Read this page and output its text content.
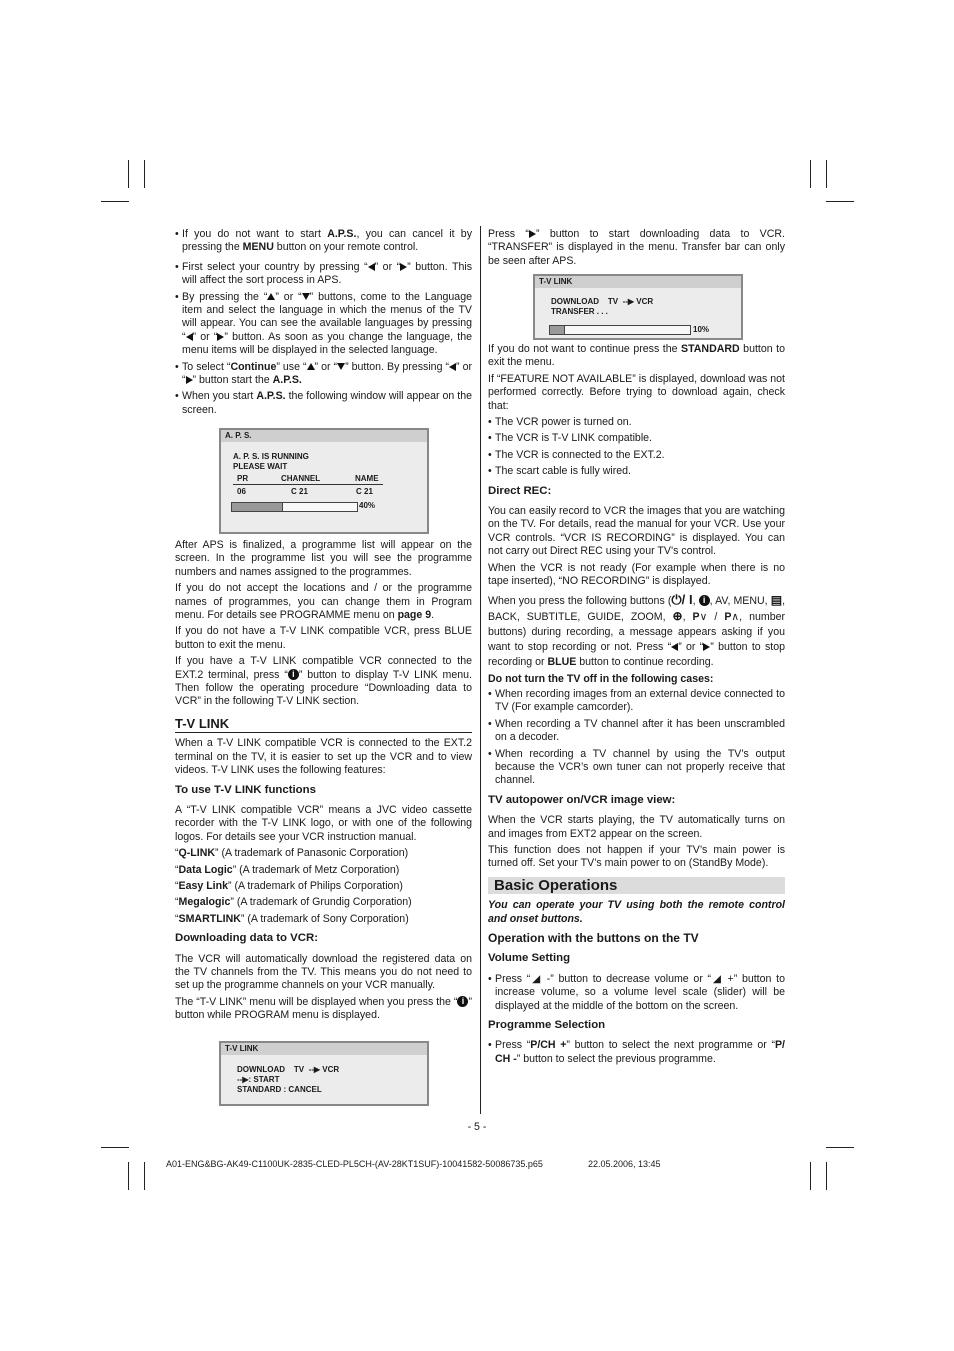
• If you do not want to start A.P.S., you can cancel it by pressing the MENU button on your remote control.
• First select your country by pressing “ ” or “ ” button. This will affect the sort process in APS.
• By pressing the “ ” or “ ” buttons, come to the Language item and select the language in which the menus of the TV will appear. You can see the available languages by pressing “ ” or “ ” button. As soon as you change the language, the menu items will be displayed in the selected language.
• To select “Continue” use “ ” or “ ” button. By pressing “ ” or “ ” button start the A.P.S.
• When you start A.P.S. the following window will appear on the screen.
A. P. S.
A. P. S. IS RUNNING
PLEASE WAIT
PR	CHANNEL	NAME
06	C 21	C 21
40%

After APS is finalized, a programme list will appear on the screen. In the programme list you will see the programme numbers and names assigned to the programmes.

If you do not accept the locations and / or the programme names of programmes, you can change them in Program menu. For details see PROGRAMME menu on page 9.

If you do not have a T-V LINK compatible VCR, press BLUE button to exit the menu.

If you have a T-V LINK compatible VCR connected to the EXT.2 terminal, press “ i ” button to display T-V LINK menu. Then follow the operating procedure “Downloading data to VCR” in the following T-V LINK section.

T-V LINK

When a T-V LINK compatible VCR is connected to the EXT.2 terminal on the TV, it is easier to set up the VCR and to view videos. T-V LINK uses the following features:

To use T-V LINK functions

A “T-V LINK compatible VCR” means a JVC video cassette recorder with the T-V LINK logo, or with one of the following logos. For details see your VCR instruction manual.

“Q-LINK” (A trademark of Panasonic Corporation)

“Data Logic” (A trademark of Metz Corporation)

“Easy Link” (A trademark of Philips Corporation)

“Megalogic” (A trademark of Grundig Corporation)

“SMARTLINK” (A trademark of Sony Corporation)

Downloading data to VCR:

The VCR will automatically download the registered data on the TV channels from the TV. This means you do not need to set up the programme channels on your VCR manually.

The “T-V LINK” menu will be displayed when you press the “ i ” button while PROGRAM menu is displayed.

T-V LINK
DOWNLOAD TV --▶ VCR
--▶: START
STANDARD : CANCEL

Press “ ” button to start downloading data to VCR. “TRANSFER” is displayed in the menu. Transfer bar can only be seen after APS.

T-V LINK
DOWNLOAD TV --▶ VCR
TRANSFER . . .
10%

If you do not want to continue press the STANDARD button to exit the menu.

If “FEATURE NOT AVAILABLE” is displayed, download was not performed correctly. Before trying to download again, check that:

• The VCR power is turned on.
• The VCR is T-V LINK compatible.
• The VCR is connected to the EXT.2.
• The scart cable is fully wired.
Direct REC:

You can easily record to VCR the images that you are watching on the TV. For details, read the manual for your VCR. Use your VCR controls. “VCR IS RECORDING” is displayed. You can not carry out Direct REC using your TV’s control.

When the VCR is not ready (For example when there is no tape inserted), “NO RECORDING” is displayed.

When you press the following buttons (⏻/ I, i , AV, MENU, ▤, BACK, SUBTITLE, GUIDE, ZOOM, ⊕, P∨ / P∧, number buttons) during recording, a message appears asking if you want to stop recording or not. Press “ ” or “ ” button to stop recording or BLUE button to continue recording.

Do not turn the TV off in the following cases:
• When recording images from an external device connected to TV (For example camcorder).
• When recording a TV channel after it has been unscrambled on a decoder.
• When recording a TV channel by using the TV’s output because the VCR’s own tuner can not properly receive that channel.
TV autopower on/VCR image view:

When the VCR starts playing, the TV automatically turns on and images from EXT2 appear on the screen.

This function does not happen if your TV’s main power is turned off. Set your TV’s main power to on (StandBy Mode).

Basic Operations

You can operate your TV using both the remote control and onset buttons.

Operation with the buttons on the TV
Volume Setting
• Press “◢ -” button to decrease volume or “◢ +” button to increase volume, so a volume level scale (slider) will be displayed at the middle of the bottom on the screen.
Programme Selection
• Press “P/CH +” button to select the next programme or “P/ CH -” button to select the previous programme.
- 5 -
A01-ENG&BG-AK49-C1100UK-2835-CLED-PL5CH-(AV-28KT1SUF)-10041582-50086735.p65	22.05.2006, 13:45
